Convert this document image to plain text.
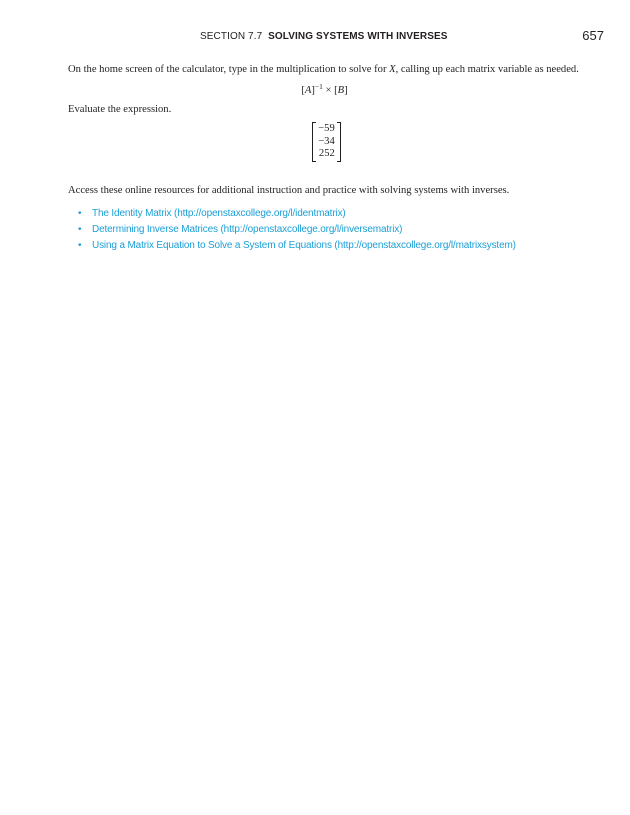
SECTION 7.7 SOLVING SYSTEMS WITH INVERSES	657

On the home screen of the calculator, type in the multiplication to solve for X, calling up each matrix variable as needed.

$[A]^{-1} \times [B]$

Evaluate the expression.

−59
−34
252

Access these online resources for additional instruction and practice with solving systems with inverses.

• The Identity Matrix (http://openstaxcollege.org/l/identmatrix)
• Determining Inverse Matrices (http://openstaxcollege.org/l/inversematrix)
• Using a Matrix Equation to Solve a System of Equations (http://openstaxcollege.org/l/matrixsystem)
